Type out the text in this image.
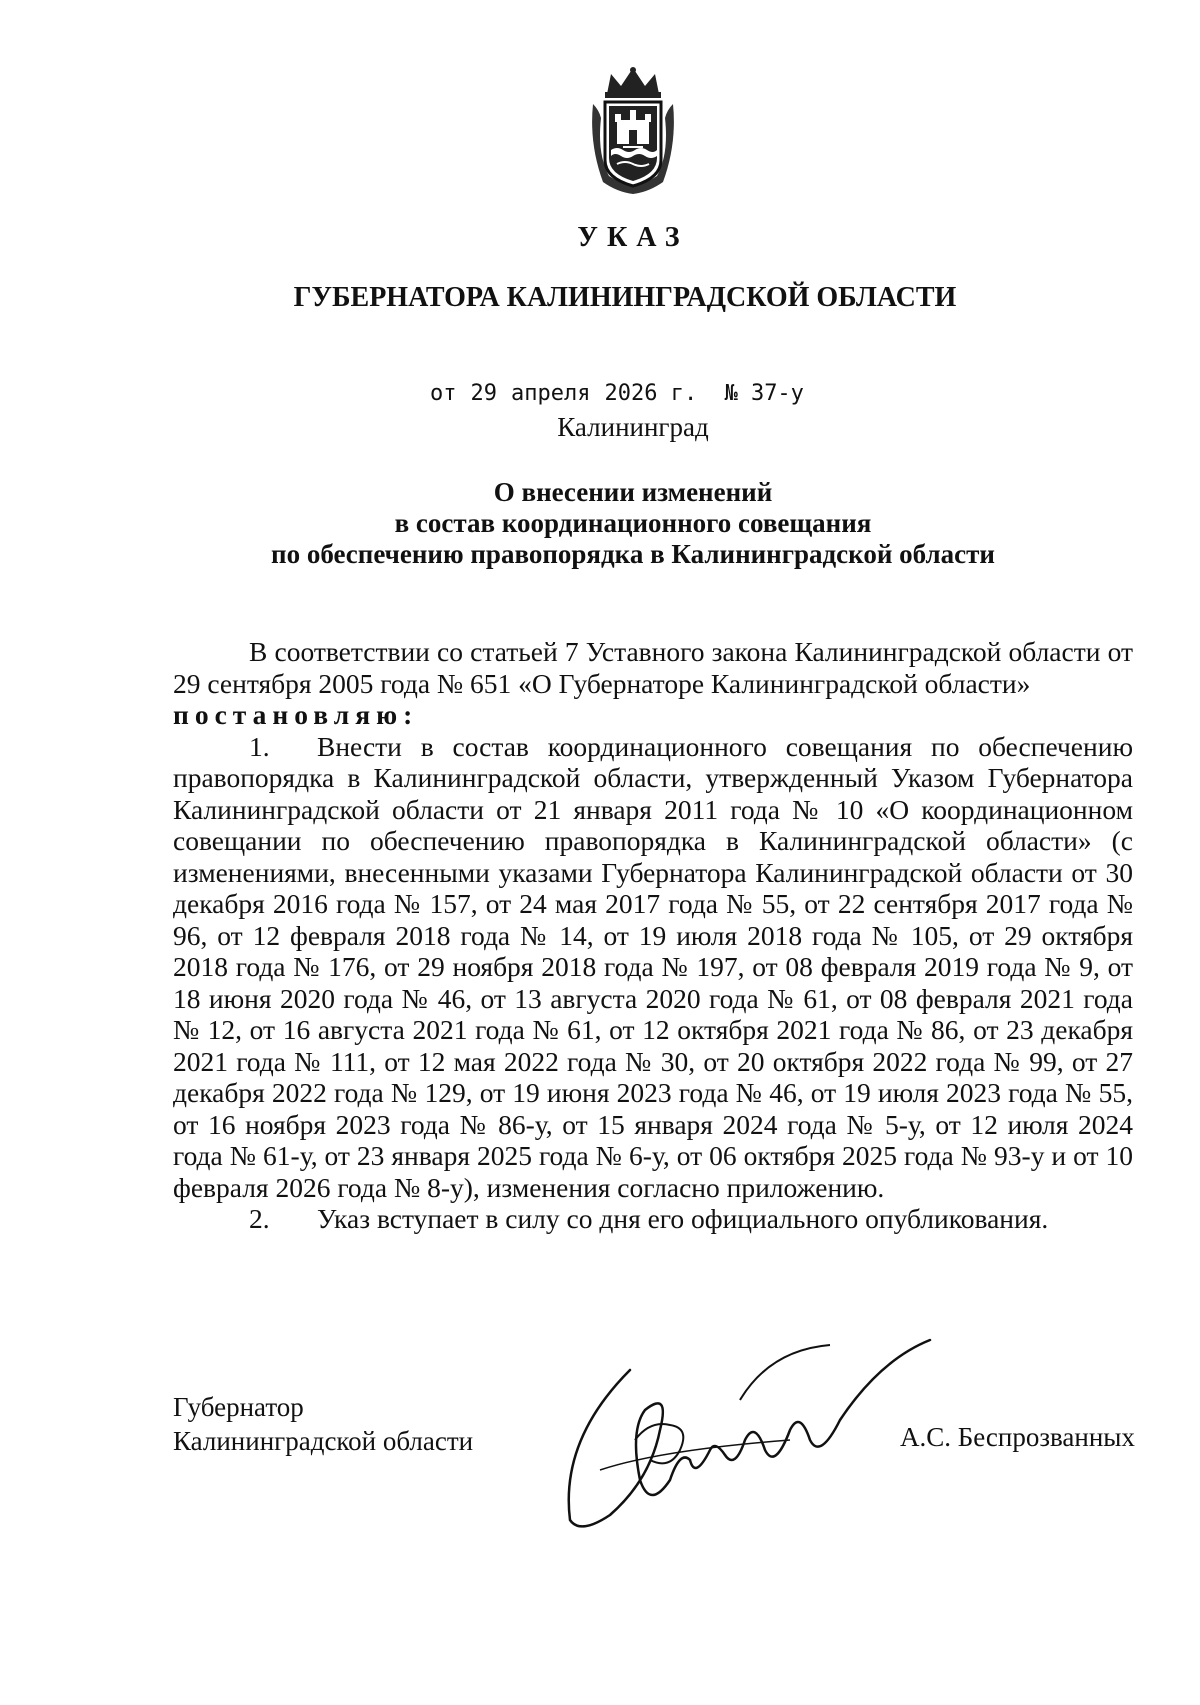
УКАЗ
ГУБЕРНАТОРА КАЛИНИНГРАДСКОЙ ОБЛАСТИ
от 29 апреля 2026 г. № 37-у
Калининград
О внесении изменений
в состав координационного совещания
по обеспечению правопорядка в Калининградской области

В соответствии со статьей 7 Уставного закона Калининградской области от 29 сентября 2005 года № 651 «О Губернаторе Калининградской области»

постановляю:

1. Внести в состав координационного совещания по обеспечению правопорядка в Калининградской области, утвержденный Указом Губернатора Калининградской области от 21 января 2011 года № 10 «О координационном совещании по обеспечению правопорядка в Калининградской области» (с изменениями, внесенными указами Губернатора Калининградской области от 30 декабря 2016 года № 157, от 24 мая 2017 года № 55, от 22 сентября 2017 года № 96, от 12 февраля 2018 года № 14, от 19 июля 2018 года № 105, от 29 октября 2018 года № 176, от 29 ноября 2018 года № 197, от 08 февраля 2019 года № 9, от 18 июня 2020 года № 46, от 13 августа 2020 года № 61, от 08 февраля 2021 года № 12, от 16 августа 2021 года № 61, от 12 октября 2021 года № 86, от 23 декабря 2021 года № 111, от 12 мая 2022 года № 30, от 20 октября 2022 года № 99, от 27 декабря 2022 года № 129, от 19 июня 2023 года № 46, от 19 июля 2023 года № 55, от 16 ноября 2023 года № 86-у, от 15 января 2024 года № 5-у, от 12 июля 2024 года № 61-у, от 23 января 2025 года № 6-у, от 06 октября 2025 года № 93-у и от 10 февраля 2026 года № 8-у), изменения согласно приложению.

2. Указ вступает в силу со дня его официального опубликования.

Губернатор
Калининградской области	А.С. Беспрозванных
